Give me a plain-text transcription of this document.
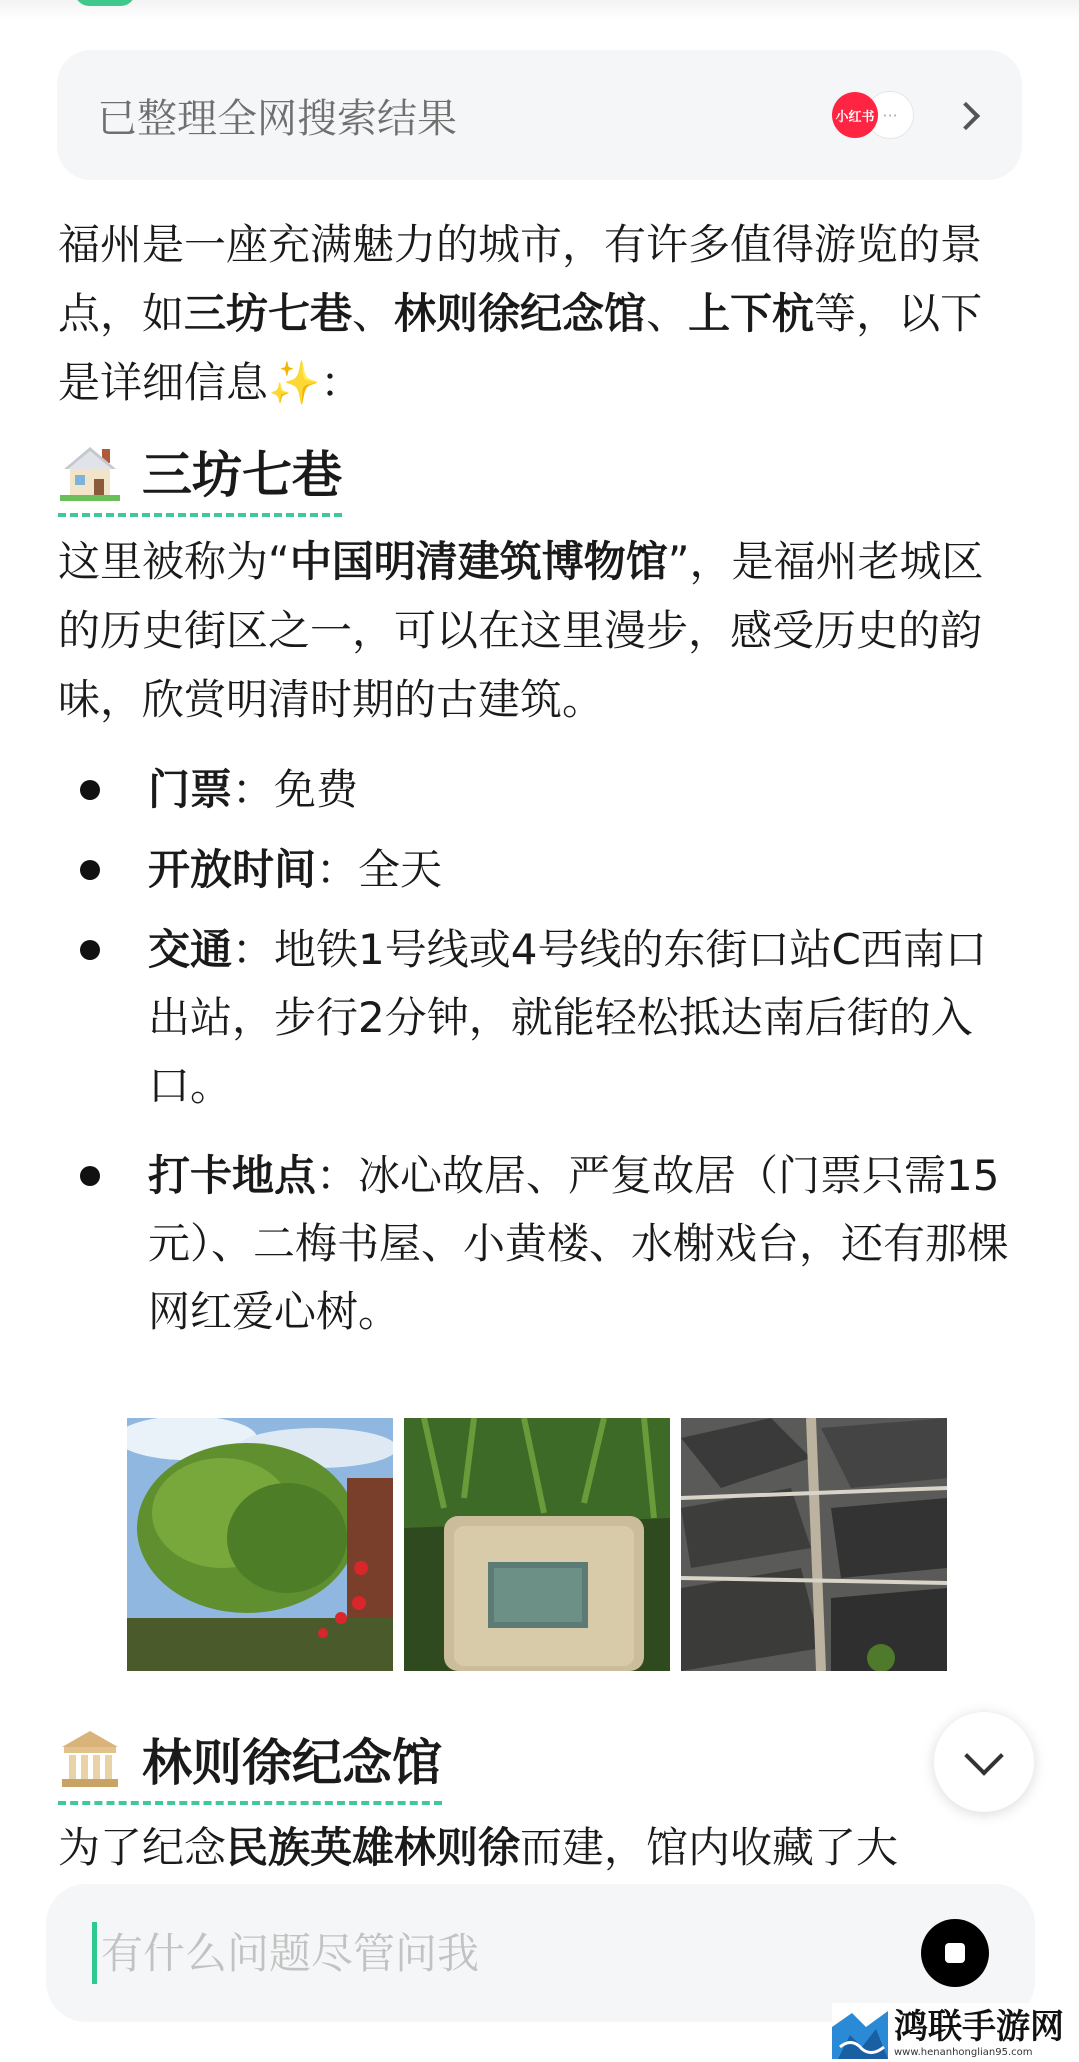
已整理全网搜索结果	小红书 ···

福州是一座充满魅力的城市，有许多值得游览的景点，如三坊七巷、林则徐纪念馆、上下杭等，以下是详细信息✨：

三坊七巷

这里被称为“中国明清建筑博物馆”，是福州老城区的历史街区之一，可以在这里漫步，感受历史的韵味，欣赏明清时期的古建筑。

门票：免费
开放时间：全天
交通：地铁1号线或4号线的东街口站C西南口出站，步行2分钟，就能轻松抵达南后街的入口。
打卡地点：冰心故居、严复故居（门票只需15元）、二梅书屋、小黄楼、水榭戏台，还有那棵网红爱心树。
林则徐纪念馆

为了纪念民族英雄林则徐而建，馆内收藏了大

有什么问题尽管问我
鸿联手游网
www.henanhonglian95.com
